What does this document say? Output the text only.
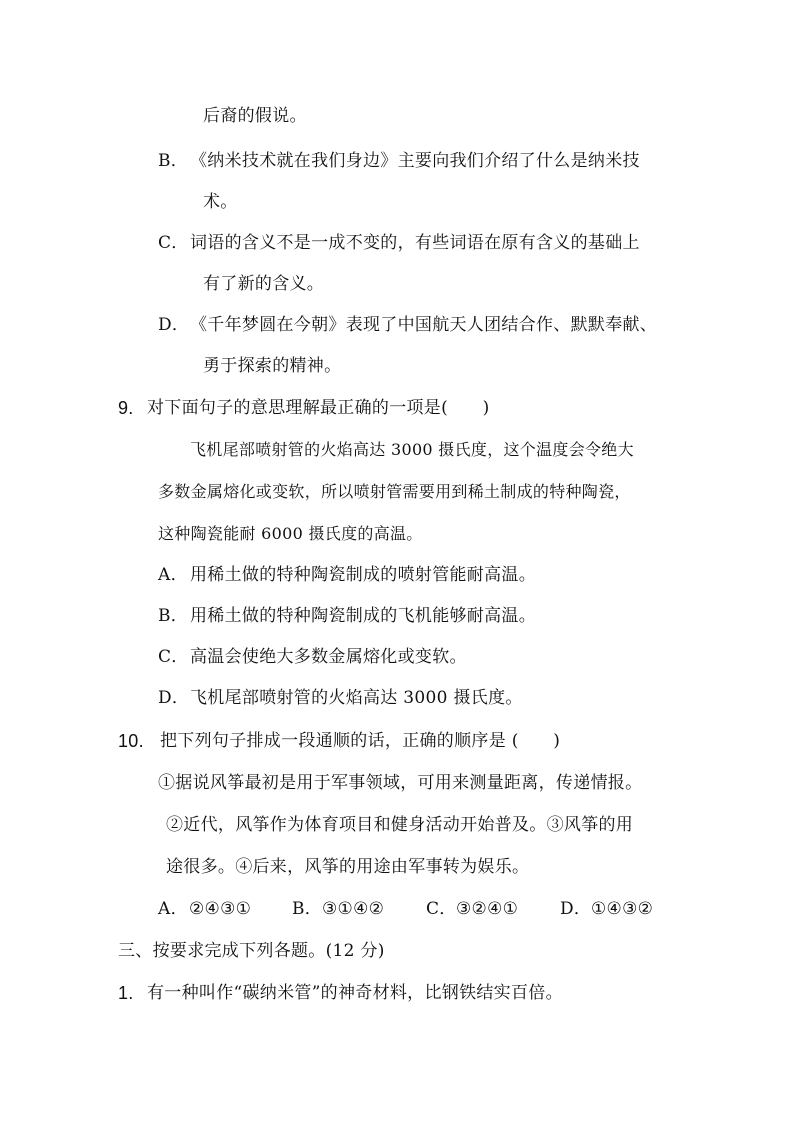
后裔的假说。
B． 《纳米技术就在我们身边》主要向我们介绍了什么是纳米技
术。
C． 词语的含义不是一成不变的，有些词语在原有含义的基础上
有了新的含义。
D． 《千年梦圆在今朝》表现了中国航天人团结合作、默默奉献、
勇于探索的精神。
9. 对下面句子的意思理解最正确的一项是(　　)
飞机尾部喷射管的火焰高达 3000 摄氏度，这个温度会令绝大
多数金属熔化或变软，所以喷射管需要用到稀土制成的特种陶瓷，
这种陶瓷能耐 6000 摄氏度的高温。
A． 用稀土做的特种陶瓷制成的喷射管能耐高温。
B． 用稀土做的特种陶瓷制成的飞机能够耐高温。
C． 高温会使绝大多数金属熔化或变软。
D． 飞机尾部喷射管的火焰高达 3000 摄氏度。
10. 把下列句子排成一段通顺的话，正确的顺序是 (　　)
①据说风筝最初是用于军事领域，可用来测量距离，传递情报。
②近代，风筝作为体育项目和健身活动开始普及。③风筝的用
途很多。④后来，风筝的用途由军事转为娱乐。
A． ②④③① B． ③①④② C． ③②④① D． ①④③②
三、按要求完成下列各题。(12 分)
1. 有一种叫作“碳纳米管”的神奇材料，比钢铁结实百倍。
